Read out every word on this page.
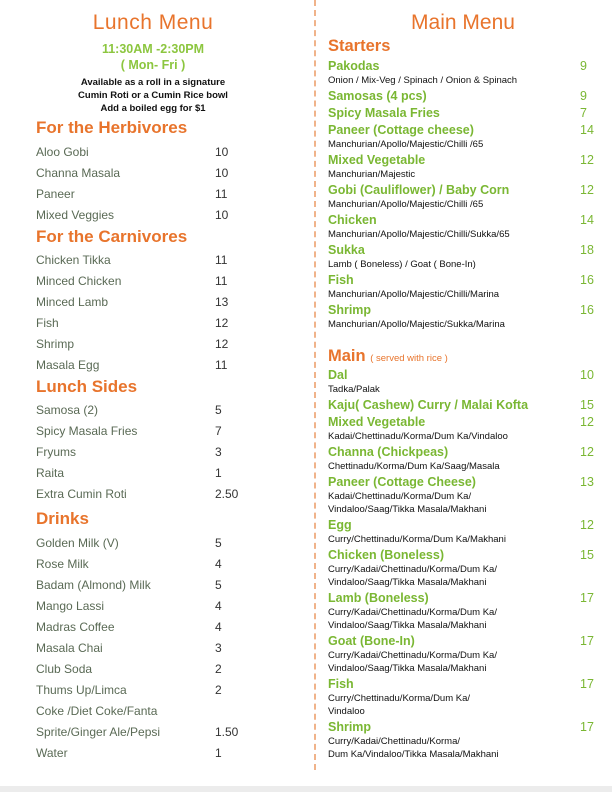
Lunch Menu
11:30AM -2:30PM
( Mon- Fri )
Available as a roll in a signature
Cumin Roti or a Cumin Rice bowl
Add a boiled egg for $1
For the Herbivores
Aloo Gobi	10
Channa Masala	10
Paneer	11
Mixed Veggies	10
For the Carnivores
Chicken Tikka	11
Minced Chicken	11
Minced Lamb	13
Fish	12
Shrimp	12
Masala Egg	11
Lunch Sides
Samosa (2)	5
Spicy Masala Fries	7
Fryums	3
Raita	1
Extra Cumin Roti	2.50
Drinks
Golden Milk (V)	5
Rose Milk	4
Badam (Almond) Milk	5
Mango Lassi	4
Madras Coffee	4
Masala Chai	3
Club Soda	2
Thums Up/Limca	2
Coke /Diet Coke/Fanta
Sprite/Ginger Ale/Pepsi	1.50
Water	1
Main Menu
Starters
Pakodas	9
Onion / Mix-Veg / Spinach / Onion & Spinach
Samosas (4 pcs)	9
Spicy Masala Fries	7
Paneer (Cottage cheese)	14
Manchurian/Apollo/Majestic/Chilli /65
Mixed Vegetable	12
Manchurian/Majestic
Gobi (Cauliflower) / Baby Corn	12
Manchurian/Apollo/Majestic/Chilli /65
Chicken	14
Manchurian/Apollo/Majestic/Chilli/Sukka/65
Sukka	18
Lamb ( Boneless) / Goat ( Bone-In)
Fish	16
Manchurian/Apollo/Majestic/Chilli/Marina
Shrimp	16
Manchurian/Apollo/Majestic/Sukka/Marina
Main ( served with rice )
Dal	10
Tadka/Palak
Kaju( Cashew) Curry / Malai Kofta	15
Mixed Vegetable	12
Kadai/Chettinadu/Korma/Dum Ka/Vindaloo
Channa (Chickpeas)	12
Chettinadu/Korma/Dum Ka/Saag/Masala
Paneer (Cottage Cheese)	13
Kadai/Chettinadu/Korma/Dum Ka/
Vindaloo/Saag/Tikka Masala/Makhani
Egg	12
Curry/Chettinadu/Korma/Dum Ka/Makhani
Chicken (Boneless)	15
Curry/Kadai/Chettinadu/Korma/Dum Ka/
Vindaloo/Saag/Tikka Masala/Makhani
Lamb (Boneless)	17
Curry/Kadai/Chettinadu/Korma/Dum Ka/
Vindaloo/Saag/Tikka Masala/Makhani
Goat (Bone-In)	17
Curry/Kadai/Chettinadu/Korma/Dum Ka/
Vindaloo/Saag/Tikka Masala/Makhani
Fish	17
Curry/Chettinadu/Korma/Dum Ka/
Vindaloo
Shrimp	17
Curry/Kadai/Chettinadu/Korma/
Dum Ka/Vindaloo/Tikka Masala/Makhani
